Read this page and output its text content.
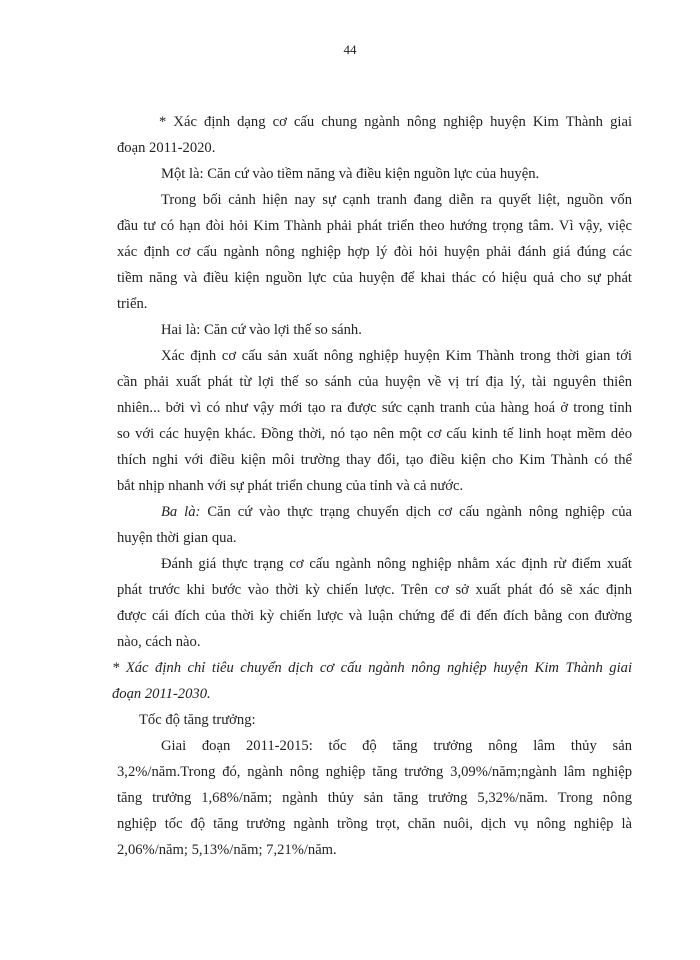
44

* Xác định dạng cơ cấu chung ngành nông nghiệp huyện Kim Thành giai
đoạn 2011-2020.

Một là: Căn cứ vào tiềm năng và điều kiện nguồn lực của huyện.

Trong bối cảnh hiện nay sự cạnh tranh đang diễn ra quyết liệt, nguồn vốn
đầu tư có hạn đòi hỏi Kim Thành phải phát triển theo hướng trọng tâm. Vì vậy, việc
xác định cơ cấu ngành nông nghiệp hợp lý đòi hỏi huyện phải đánh giá đúng các
tiềm năng và điều kiện nguồn lực của huyện để khai thác có hiệu quả cho sự phát
triển.

Hai là: Căn cứ vào lợi thế so sánh.

Xác định cơ cấu sản xuất nông nghiệp huyện Kim Thành trong thời gian tới
cần phải xuất phát từ lợi thế so sánh của huyện về vị trí địa lý, tài nguyên thiên
nhiên... bởi vì có như vậy mới tạo ra được sức cạnh tranh của hàng hoá ở trong tỉnh
so với các huyện khác. Đồng thời, nó tạo nên một cơ cấu kinh tế linh hoạt mềm dẻo
thích nghi với điều kiện môi trường thay đổi, tạo điều kiện cho Kim Thành có thể
bắt nhịp nhanh với sự phát triển chung của tỉnh và cả nước.

Ba là: Căn cứ vào thực trạng chuyển dịch cơ cấu ngành nông nghiệp của
huyện thời gian qua.

Đánh giá thực trạng cơ cấu ngành nông nghiệp nhằm xác định rừ điểm xuất
phát trước khi bước vào thời kỳ chiến lược. Trên cơ sở xuất phát đó sẽ xác định
được cái đích của thời kỳ chiến lược và luận chứng để đi đến đích bằng con đường
nào, cách nào.

* Xác định chỉ tiêu chuyển dịch cơ cấu ngành nông nghiệp huyện Kim Thành giai
đoạn 2011-2030.

Tốc độ tăng trưởng:

Giai đoạn 2011-2015: tốc độ tăng trưởng nông lâm thủy sản
3,2%/năm.Trong đó, ngành nông nghiệp tăng trưởng 3,09%/năm;ngành lâm nghiệp
tăng trưởng 1,68%/năm; ngành thủy sản tăng trưởng 5,32%/năm. Trong nông
nghiệp tốc độ tăng trưởng ngành trồng trọt, chăn nuôi, dịch vụ nông nghiệp là
2,06%/năm; 5,13%/năm; 7,21%/năm.
